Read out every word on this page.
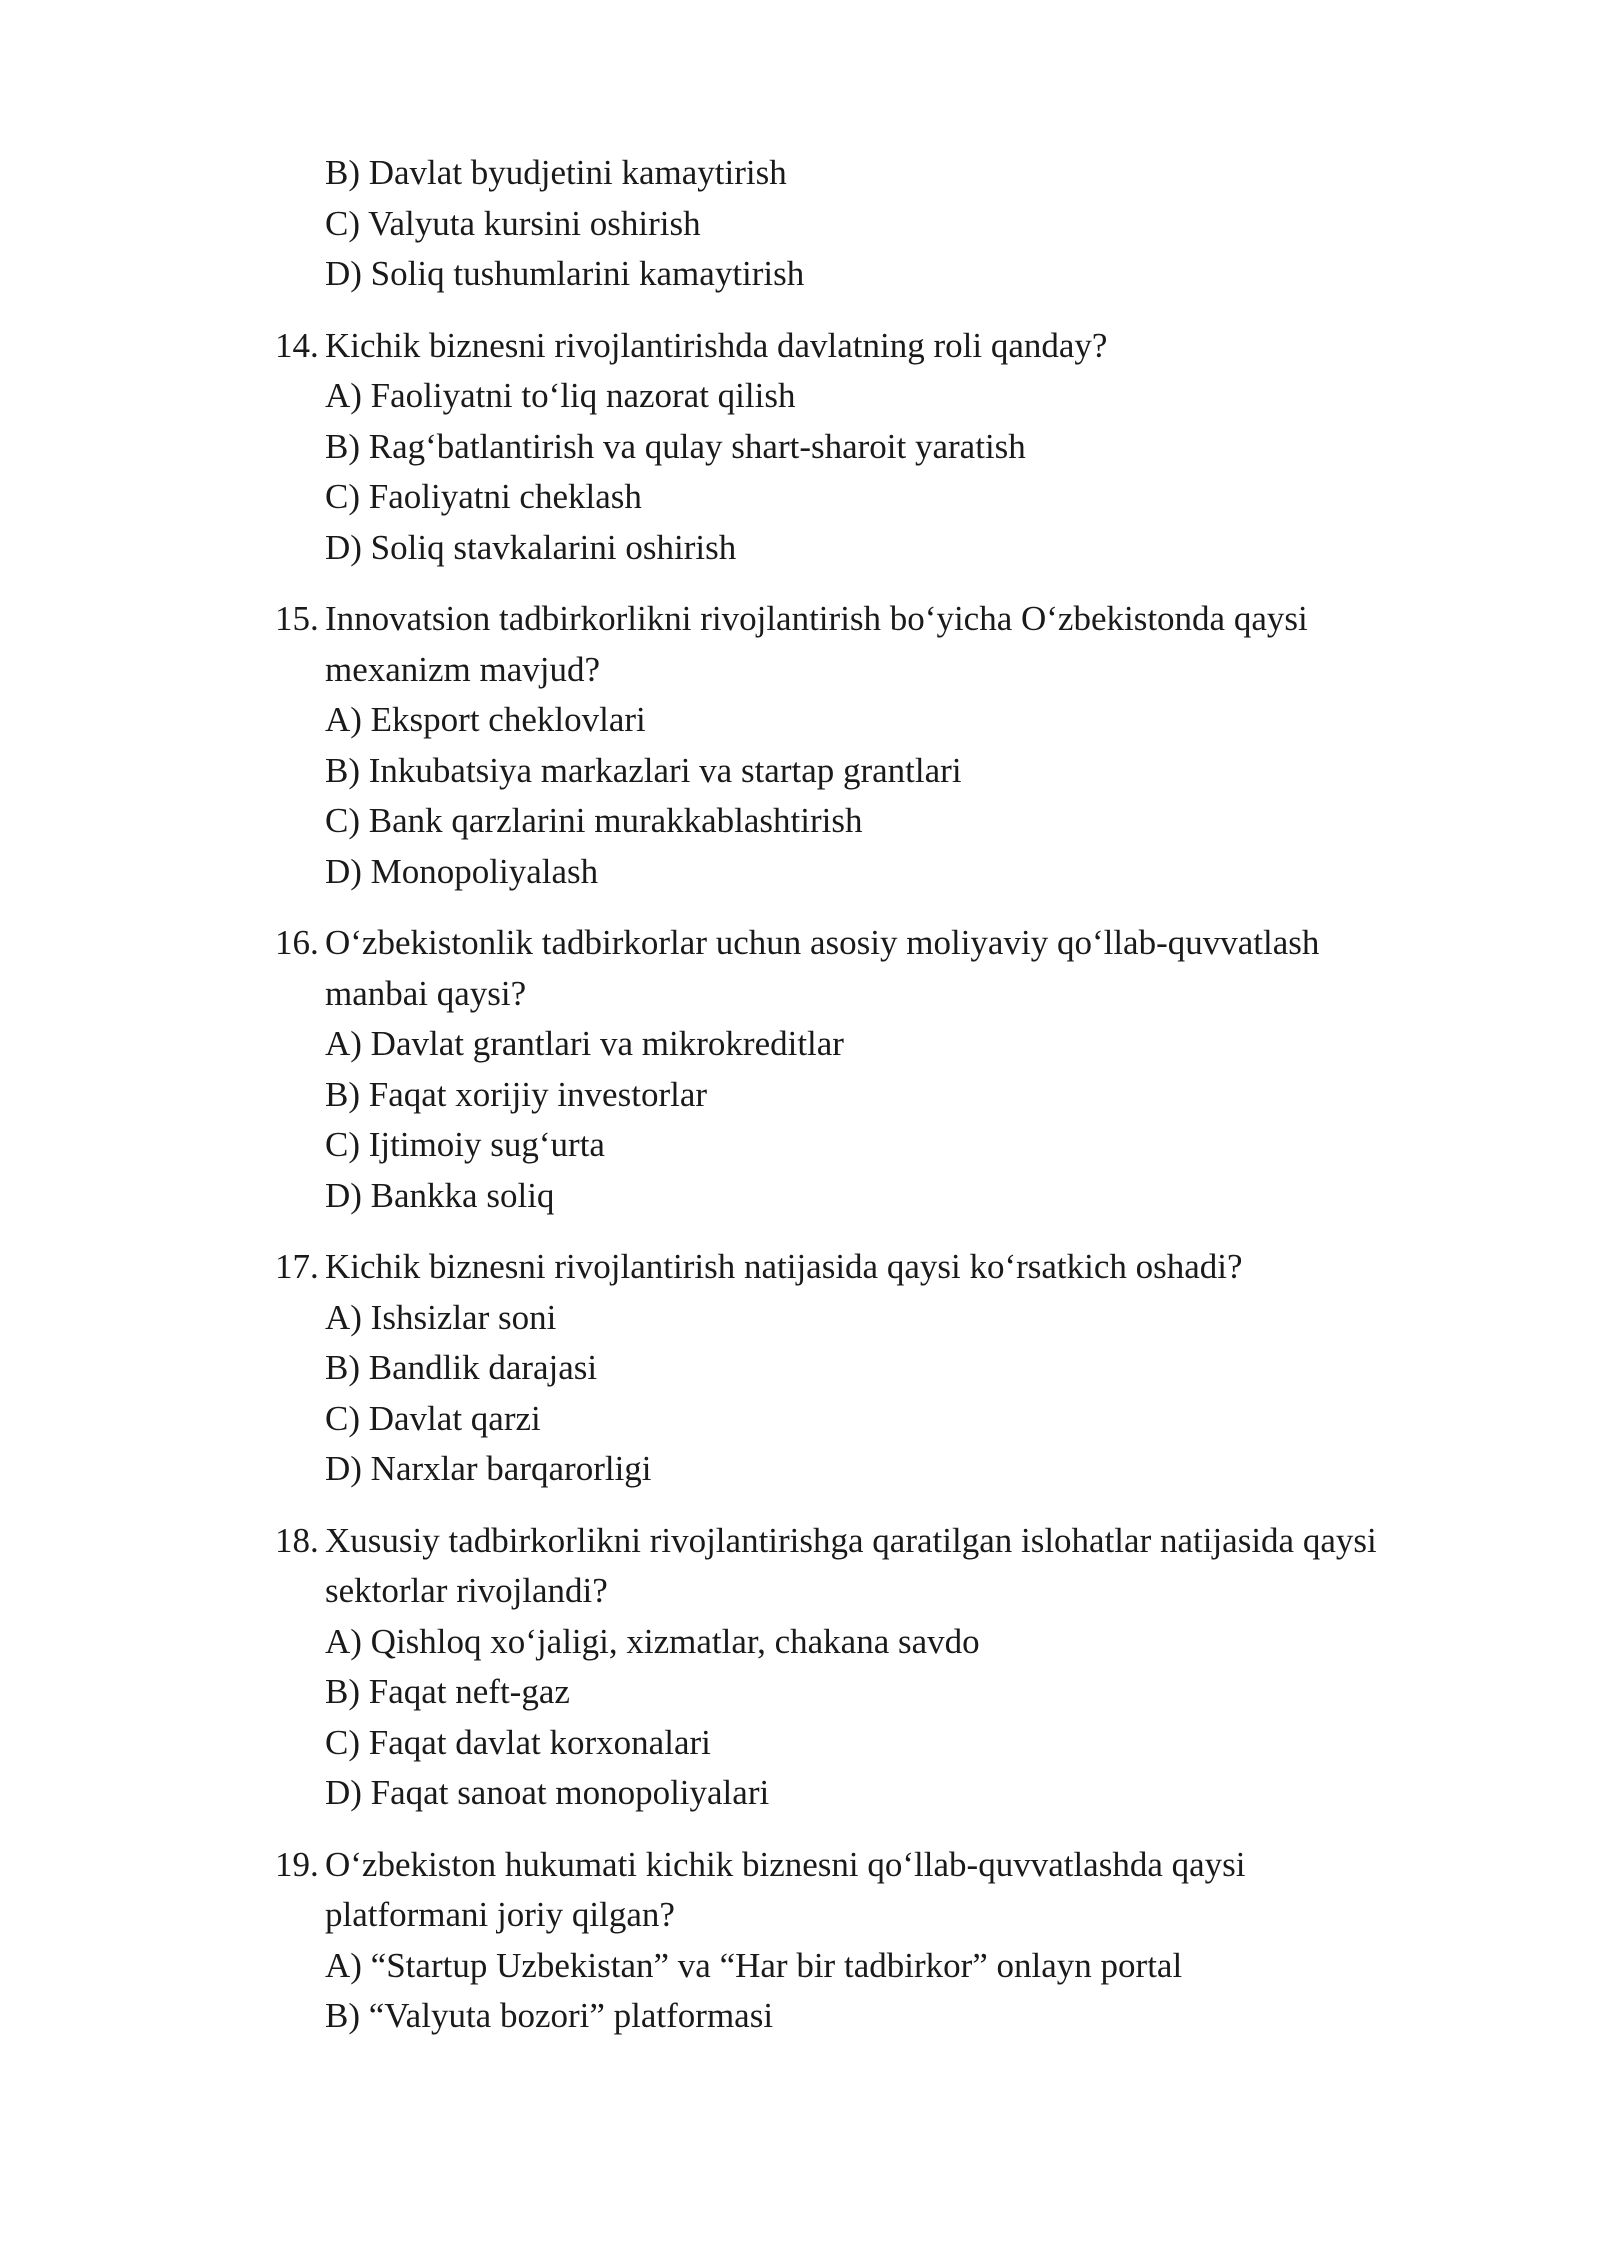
B) Davlat byudjetini kamaytirish
C) Valyuta kursini oshirish
D) Soliq tushumlarini kamaytirish
14. Kichik biznesni rivojlantirishda davlatning roli qanday?
A) Faoliyatni to‘liq nazorat qilish
B) Rag‘batlantirish va qulay shart-sharoit yaratish
C) Faoliyatni cheklash
D) Soliq stavkalarini oshirish
15. Innovatsion tadbirkorlikni rivojlantirish bo‘yicha O‘zbekistonda qaysi
mexanizm mavjud?
A) Eksport cheklovlari
B) Inkubatsiya markazlari va startap grantlari
C) Bank qarzlarini murakkablashtirish
D) Monopoliyalash
16. O‘zbekistonlik tadbirkorlar uchun asosiy moliyaviy qo‘llab-quvvatlash
manbai qaysi?
A) Davlat grantlari va mikrokreditlar
B) Faqat xorijiy investorlar
C) Ijtimoiy sug‘urta
D) Bankka soliq
17. Kichik biznesni rivojlantirish natijasida qaysi ko‘rsatkich oshadi?
A) Ishsizlar soni
B) Bandlik darajasi
C) Davlat qarzi
D) Narxlar barqarorligi
18. Xususiy tadbirkorlikni rivojlantirishga qaratilgan islohatlar natijasida qaysi
sektorlar rivojlandi?
A) Qishloq xo‘jaligi, xizmatlar, chakana savdo
B) Faqat neft-gaz
C) Faqat davlat korxonalari
D) Faqat sanoat monopoliyalari
19. O‘zbekiston hukumati kichik biznesni qo‘llab-quvvatlashda qaysi
platformani joriy qilgan?
A) “Startup Uzbekistan” va “Har bir tadbirkor” onlayn portal
B) “Valyuta bozori” platformasi
